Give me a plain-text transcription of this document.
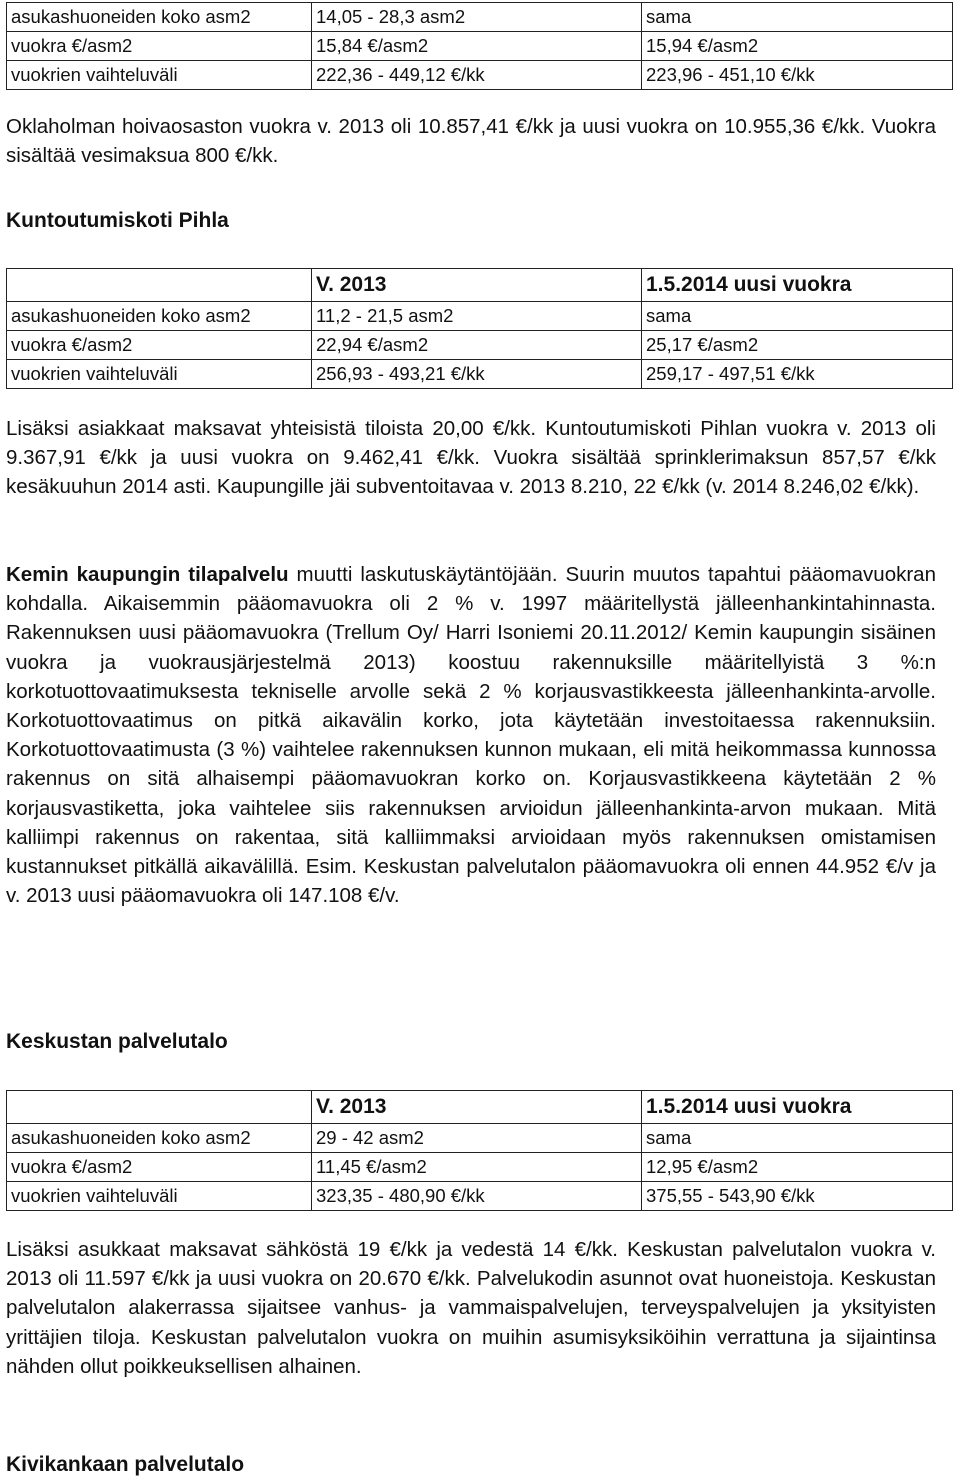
asukashuoneiden koko asm2	14,05 - 28,3 asm2	sama
vuokra €/asm2	15,84 €/asm2	15,94 €/asm2
vuokrien vaihteluväli	222,36 - 449,12 €/kk	223,96 - 451,10 €/kk

Oklaholman hoivaosaston vuokra v. 2013 oli 10.857,41 €/kk ja uusi vuokra on 10.955,36 €/kk. Vuokra sisältää vesimaksua 800 €/kk.

Kuntoutumiskoti Pihla
	V. 2013	1.5.2014 uusi vuokra
asukashuoneiden koko asm2	11,2 - 21,5 asm2	sama
vuokra €/asm2	22,94 €/asm2	25,17 €/asm2
vuokrien vaihteluväli	256,93 - 493,21 €/kk	259,17 - 497,51 €/kk

Lisäksi asiakkaat maksavat yhteisistä tiloista 20,00 €/kk. Kuntoutumiskoti Pihlan vuokra v. 2013 oli 9.367,91 €/kk ja uusi vuokra on 9.462,41 €/kk. Vuokra sisältää sprinklerimaksun 857,57 €/kk kesäkuuhun 2014 asti. Kaupungille jäi subventoitavaa v. 2013 8.210, 22 €/kk (v. 2014 8.246,02 €/kk).

Kemin kaupungin tilapalvelu muutti laskutuskäytäntöjään. Suurin muutos tapahtui pääomavuokran kohdalla. Aikaisemmin pääomavuokra oli 2 % v. 1997 määritellystä jälleenhankintahinnasta. Rakennuksen uusi pääomavuokra (Trellum Oy/ Harri Isoniemi 20.11.2012/ Kemin kaupungin sisäinen vuokra ja vuokrausjärjestelmä 2013) koostuu rakennuksille määritellyistä 3 %:n korkotuottovaatimuksesta tekniselle arvolle sekä 2 % korjausvastikkeesta jälleenhankinta-arvolle. Korkotuottovaatimus on pitkä aikavälin korko, jota käytetään investoitaessa rakennuksiin. Korkotuottovaatimusta (3 %) vaihtelee rakennuksen kunnon mukaan, eli mitä heikommassa kunnossa rakennus on sitä alhaisempi pääomavuokran korko on. Korjausvastikkeena käytetään 2 % korjausvastiketta, joka vaihtelee siis rakennuksen arvioidun jälleenhankinta-arvon mukaan. Mitä kalliimpi rakennus on rakentaa, sitä kalliimmaksi arvioidaan myös rakennuksen omistamisen kustannukset pitkällä aikavälillä. Esim. Keskustan palvelutalon pääomavuokra oli ennen 44.952 €/v ja v. 2013 uusi pääomavuokra oli 147.108 €/v.

Keskustan palvelutalo
	V. 2013	1.5.2014 uusi vuokra
asukashuoneiden koko asm2	29 - 42 asm2	sama
vuokra €/asm2	11,45 €/asm2	12,95 €/asm2
vuokrien vaihteluväli	323,35 - 480,90 €/kk	375,55 - 543,90 €/kk

Lisäksi asukkaat maksavat sähköstä 19 €/kk ja vedestä 14 €/kk. Keskustan palvelutalon vuokra v. 2013 oli 11.597 €/kk ja uusi vuokra on 20.670 €/kk. Palvelukodin asunnot ovat huoneistoja. Keskustan palvelutalon alakerrassa sijaitsee vanhus- ja vammaispalvelujen, terveyspalvelujen ja yksityisten yrittäjien tiloja. Keskustan palvelutalon vuokra on muihin asumisyksiköihin verrattuna ja sijaintinsa nähden ollut poikkeuksellisen alhainen.

Kivikankaan palvelutalo
